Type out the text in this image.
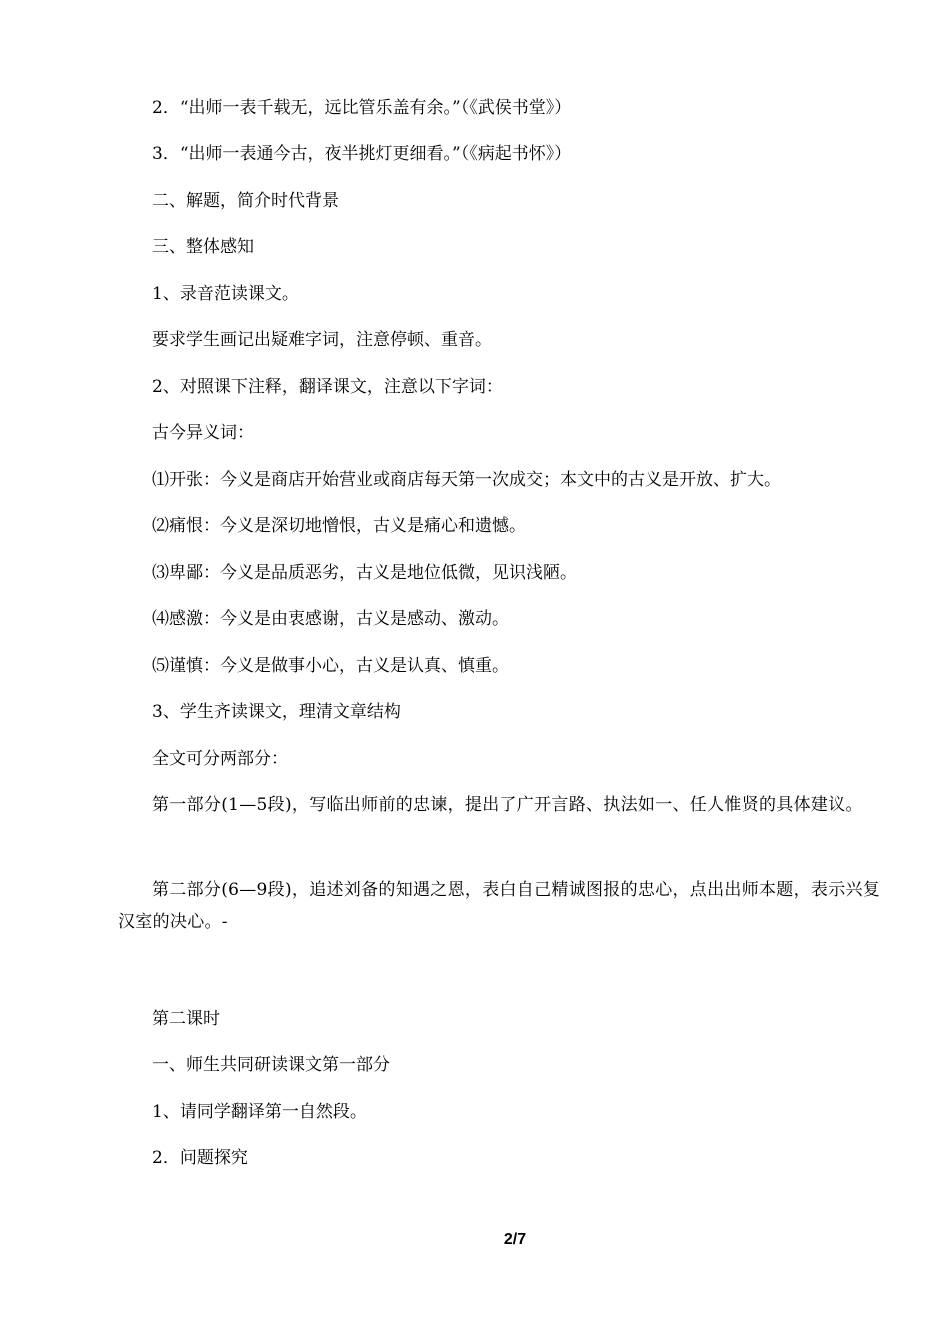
2．“出师一表千载无，远比管乐盖有余。”（《武侯书堂》）
3．“出师一表通今古，夜半挑灯更细看。”（《病起书怀》）
二、解题，简介时代背景
三、整体感知
1、录音范读课文。
要求学生画记出疑难字词，注意停顿、重音。
2、对照课下注释，翻译课文，注意以下字词：
古今异义词：
⑴开张：今义是商店开始营业或商店每天第一次成交；本文中的古义是开放、扩大。
⑵痛恨：今义是深切地憎恨，古义是痛心和遗憾。
⑶卑鄙：今义是品质恶劣，古义是地位低微，见识浅陋。
⑷感激：今义是由衷感谢，古义是感动、激动。
⑸谨慎：今义是做事小心，古义是认真、慎重。
3、学生齐读课文，理清文章结构
全文可分两部分：
第一部分(1—5段)，写临出师前的忠谏，提出了广开言路、执法如一、任人惟贤的具体建议。
第二部分(6—9段)，追述刘备的知遇之恩，表白自己精诚图报的忠心，点出出师本题，表示兴复汉室的决心。-
第二课时
一、师生共同研读课文第一部分
1、请同学翻译第一自然段。
2．问题探究
2/7
